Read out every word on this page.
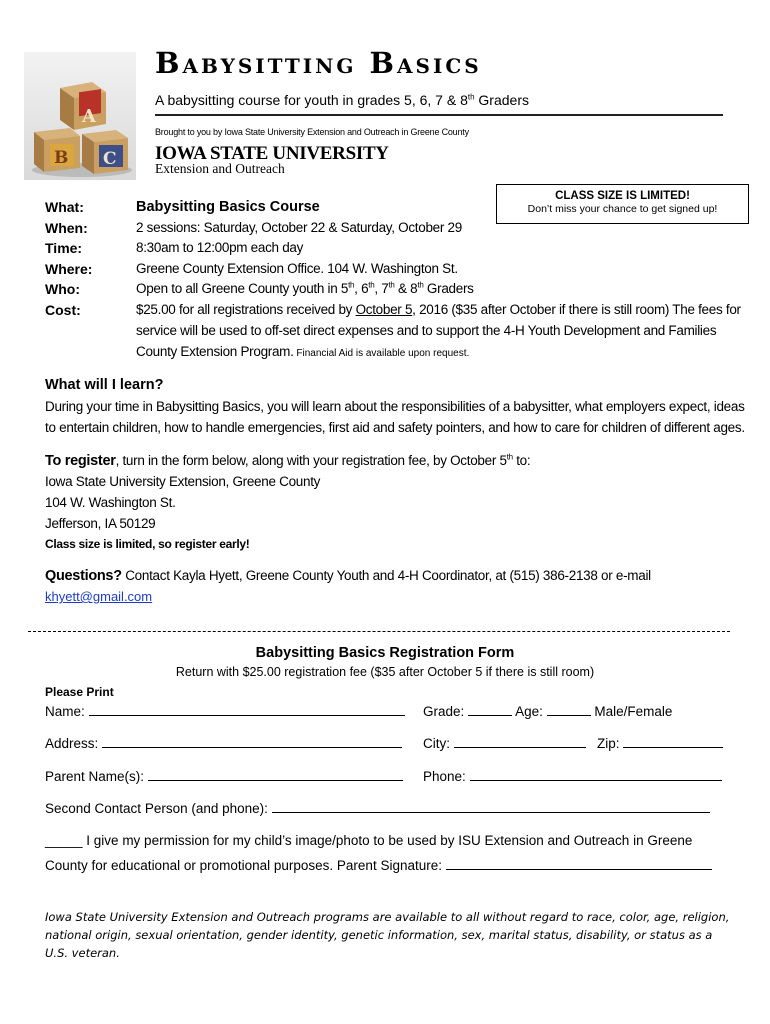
A
B C
Babysitting Basics
A babysitting course for youth in grades 5, 6, 7 & 8th Graders
Brought to you by Iowa State University Extension and Outreach in Greene County
IOWA STATE UNIVERSITY
Extension and Outreach
CLASS SIZE IS LIMITED!
Don’t miss your chance to get signed up!
What:	Babysitting Basics Course
When:	2 sessions: Saturday, October 22 & Saturday, October 29
Time:	8:30am to 12:00pm each day
Where:	Greene County Extension Office. 104 W. Washington St.
Who:	Open to all Greene County youth in 5th, 6th, 7th & 8th Graders
Cost:	$25.00 for all registrations received by October 5, 2016 ($35 after October if there is still room) The fees for
service will be used to off-set direct expenses and to support the 4-H Youth Development and Families
County Extension Program. Financial Aid is available upon request.
What will I learn?
During your time in Babysitting Basics, you will learn about the responsibilities of a babysitter, what employers expect, ideas
to entertain children, how to handle emergencies, first aid and safety pointers, and how to care for children of different ages.
To register, turn in the form below, along with your registration fee, by October 5th to:
Iowa State University Extension, Greene County
104 W. Washington St.
Jefferson, IA 50129
Class size is limited, so register early!
Questions? Contact Kayla Hyett, Greene County Youth and 4-H Coordinator, at (515) 386-2138 or e-mail
khyett@gmail.com
Babysitting Basics Registration Form
Return with $25.00 registration fee ($35 after October 5 if there is still room)
Please Print
Name:	Grade:	Age:	Male/Female
Address:	City:	Zip:
Parent Name(s):	Phone:
Second Contact Person (and phone):
_____ I give my permission for my child’s image/photo to be used by ISU Extension and Outreach in Greene
County for educational or promotional purposes. Parent Signature:
Iowa State University Extension and Outreach programs are available to all without regard to race, color, age, religion, national origin, sexual orientation, gender identity, genetic information, sex, marital status, disability, or status as a U.S. veteran.
